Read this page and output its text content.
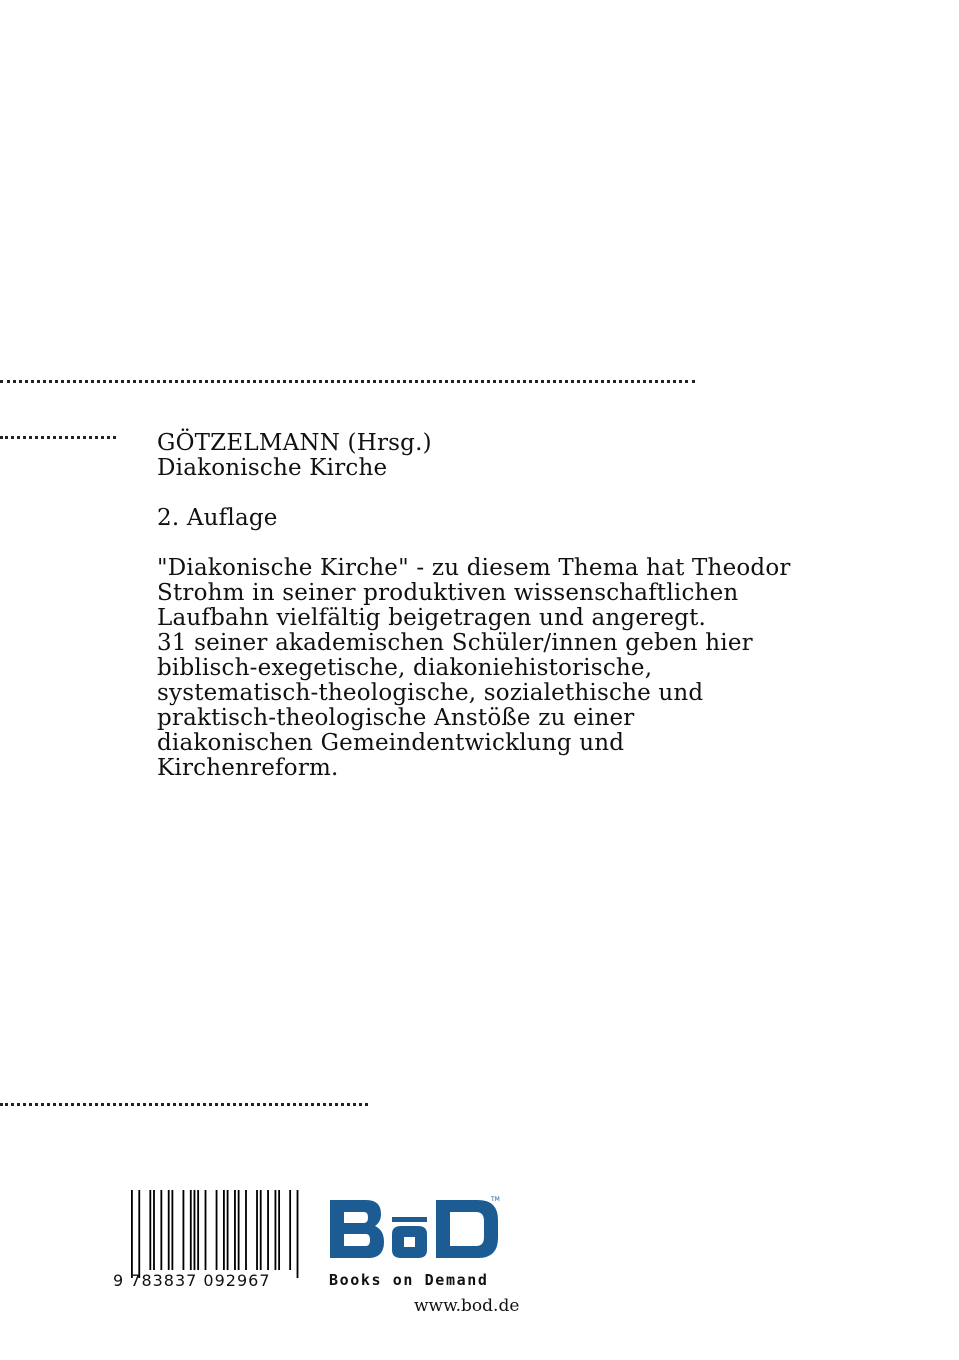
GÖTZELMANN (Hrsg.)
Diakonische Kirche
2. Auflage
"Diakonische Kirche" - zu diesem Thema hat Theodor
Strohm in seiner produktiven wissenschaftlichen
Laufbahn vielfältig beigetragen und angeregt.
31 seiner akademischen Schüler/innen geben hier
biblisch-exegetische, diakoniehistorische,
systematisch-theologische, sozialethische und
praktisch-theologische Anstöße zu einer
diakonischen Gemeindentwicklung und
Kirchenreform.
9 783837 092967
TM
Books on Demand
www.bod.de
